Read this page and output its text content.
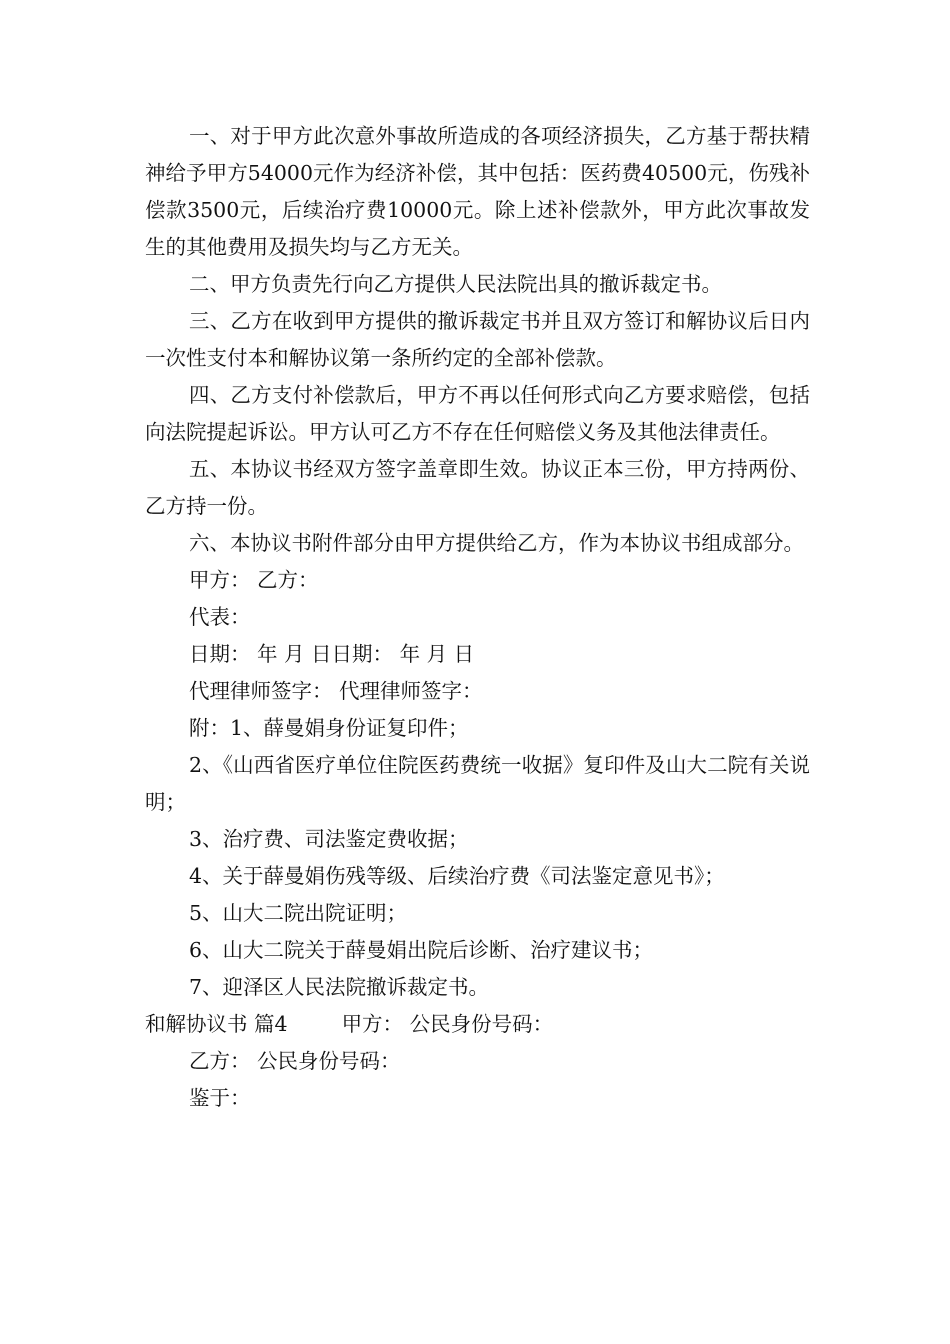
一、对于甲方此次意外事故所造成的各项经济损失，乙方基于帮扶精神给予甲方54000元作为经济补偿，其中包括：医药费40500元，伤残补偿款3500元，后续治疗费10000元。除上述补偿款外，甲方此次事故发生的其他费用及损失均与乙方无关。

二、甲方负责先行向乙方提供人民法院出具的撤诉裁定书。

三、乙方在收到甲方提供的撤诉裁定书并且双方签订和解协议后日内一次性支付本和解协议第一条所约定的全部补偿款。

四、乙方支付补偿款后，甲方不再以任何形式向乙方要求赔偿，包括向法院提起诉讼。甲方认可乙方不存在任何赔偿义务及其他法律责任。

五、本协议书经双方签字盖章即生效。协议正本三份，甲方持两份、乙方持一份。

六、本协议书附件部分由甲方提供给乙方，作为本协议书组成部分。

甲方： 乙方：

代表：

日期： 年 月 日日期： 年 月 日

代理律师签字： 代理律师签字：

附：1、薛曼娟身份证复印件；

2、《山西省医疗单位住院医药费统一收据》复印件及山大二院有关说明；

3、治疗费、司法鉴定费收据；

4、关于薛曼娟伤残等级、后续治疗费《司法鉴定意见书》；

5、山大二院出院证明；

6、山大二院关于薛曼娟出院后诊断、治疗建议书；

7、迎泽区人民法院撤诉裁定书。

和解协议书 篇4	甲方： 公民身份号码：

乙方： 公民身份号码：

鉴于：
